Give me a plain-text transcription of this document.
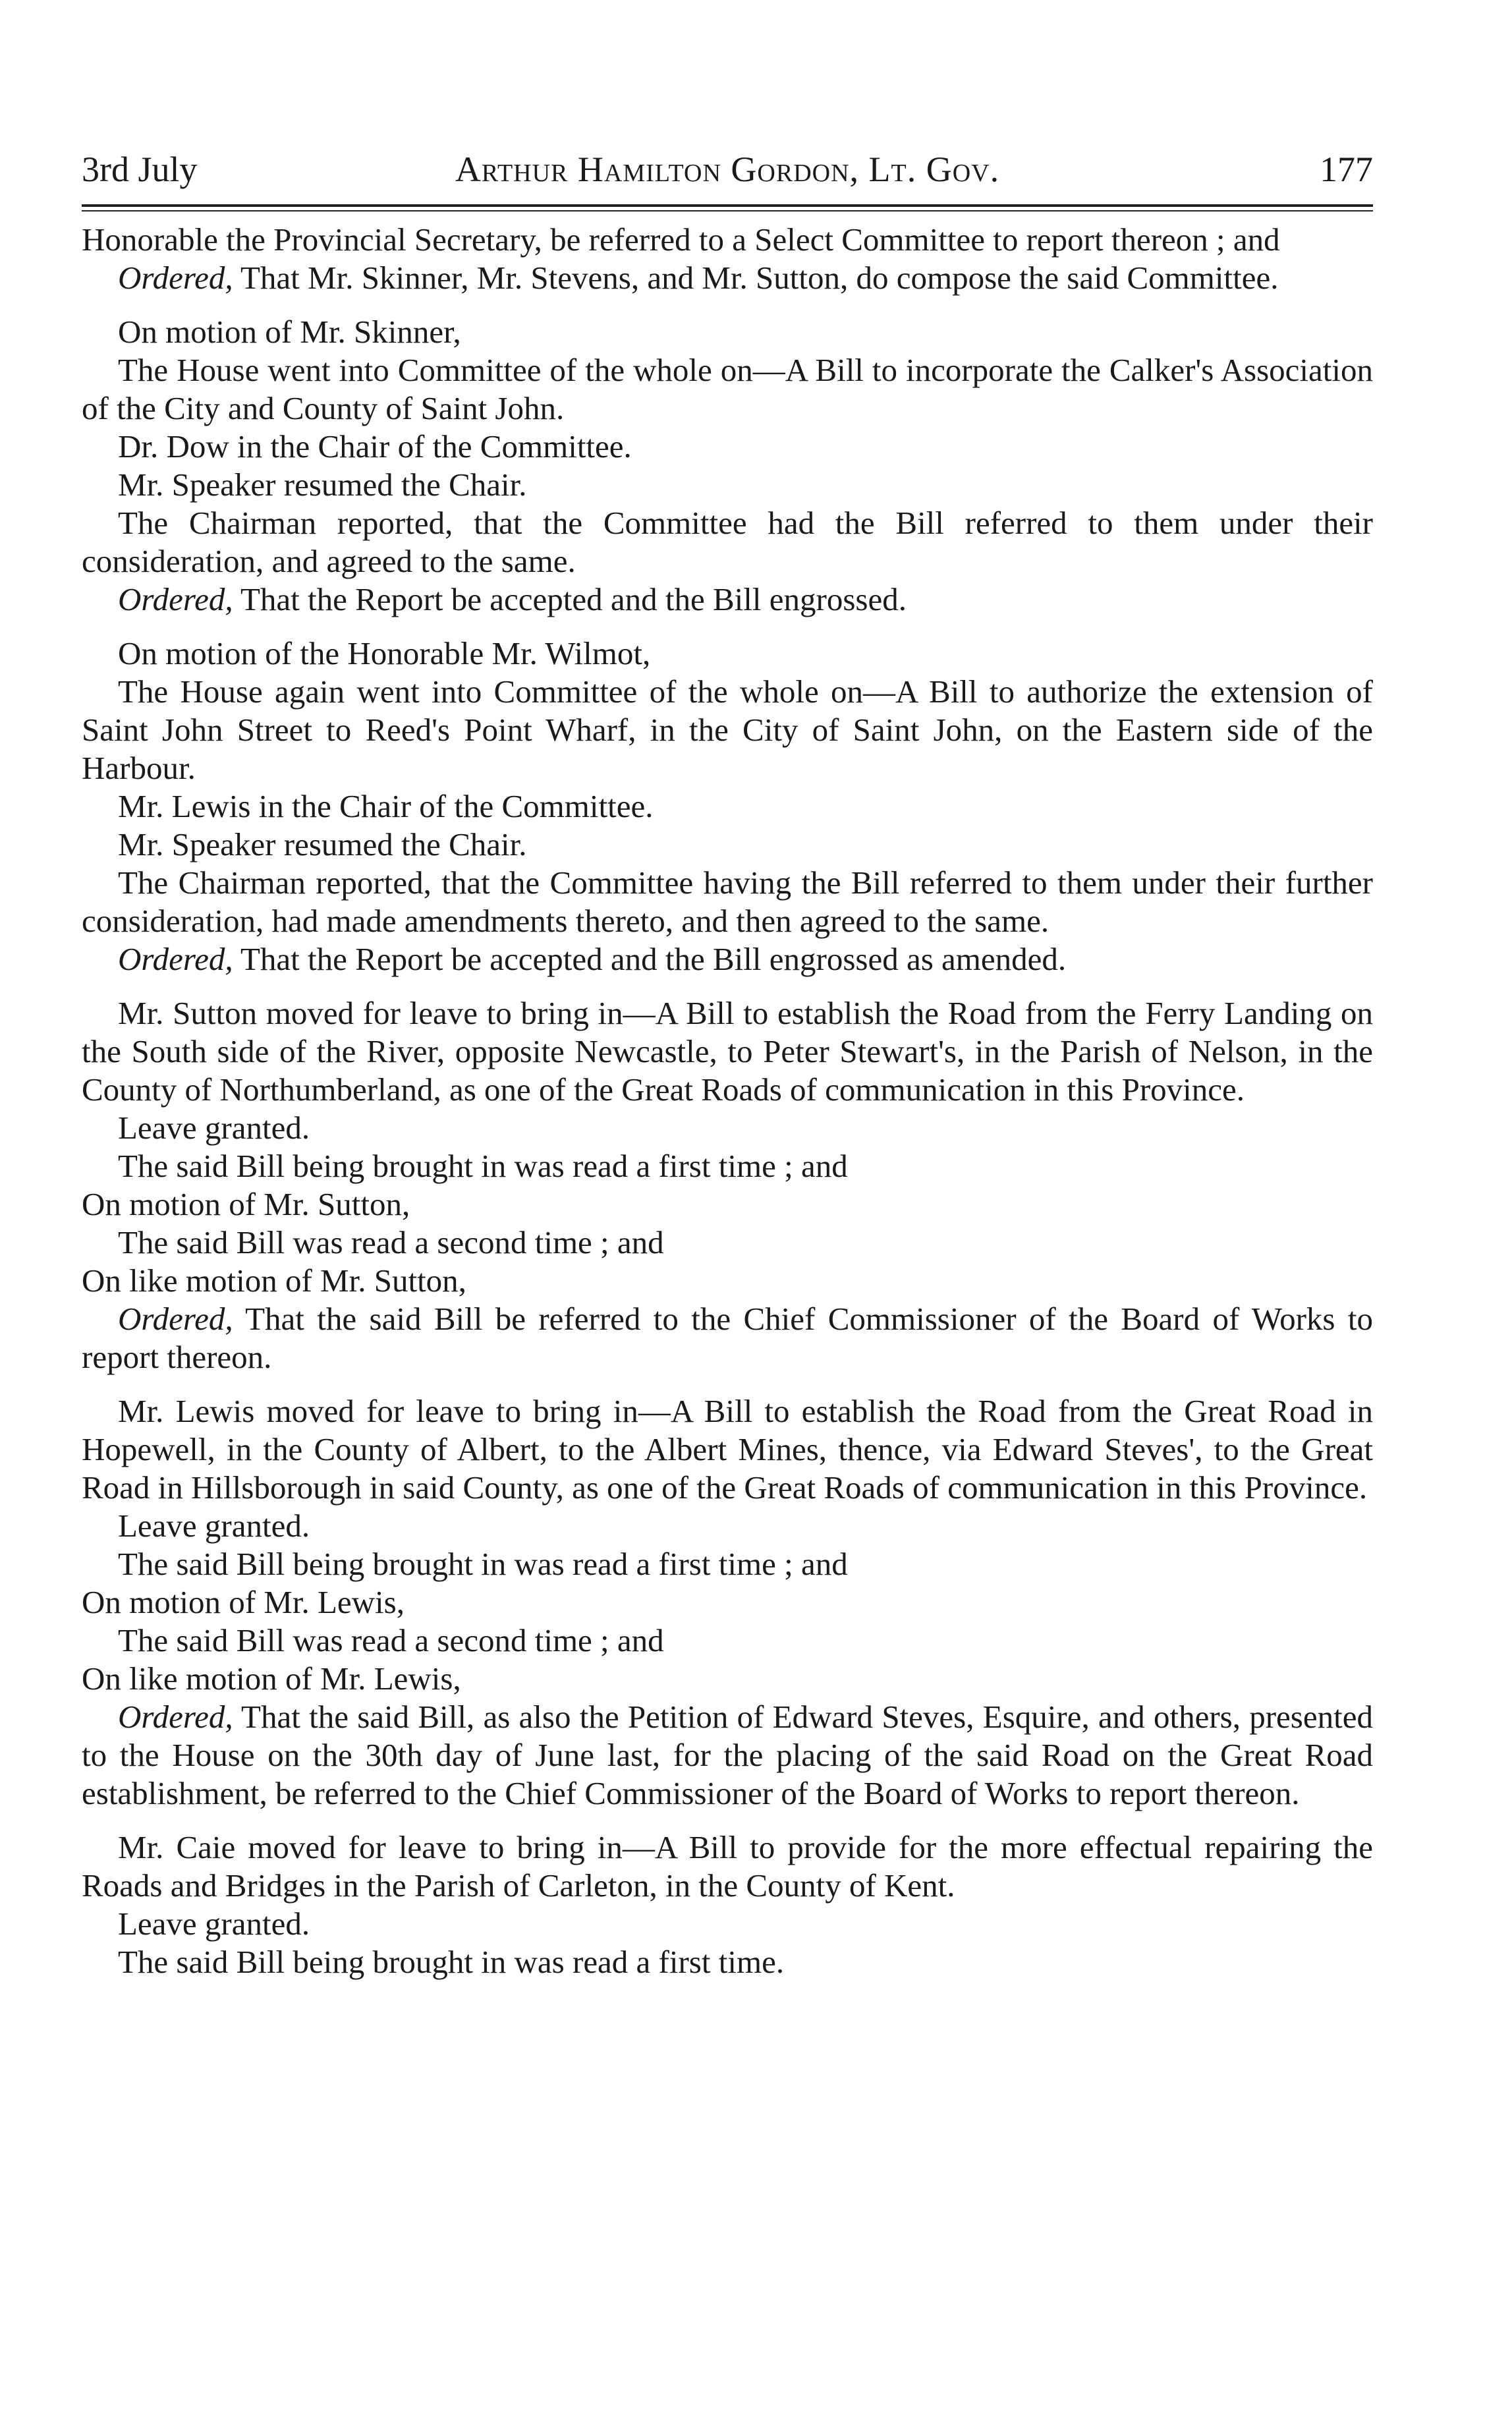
3rd July	Arthur Hamilton Gordon, Lt. Gov.	177

Honorable the Provincial Secretary, be referred to a Select Committee to report thereon ; and

Ordered, That Mr. Skinner, Mr. Stevens, and Mr. Sutton, do compose the said Committee.

On motion of Mr. Skinner,

The House went into Committee of the whole on—A Bill to incorporate the Calker's Association of the City and County of Saint John.

Dr. Dow in the Chair of the Committee.

Mr. Speaker resumed the Chair.

The Chairman reported, that the Committee had the Bill referred to them under their consideration, and agreed to the same.

Ordered, That the Report be accepted and the Bill engrossed.

On motion of the Honorable Mr. Wilmot,

The House again went into Committee of the whole on—A Bill to authorize the extension of Saint John Street to Reed's Point Wharf, in the City of Saint John, on the Eastern side of the Harbour.

Mr. Lewis in the Chair of the Committee.

Mr. Speaker resumed the Chair.

The Chairman reported, that the Committee having the Bill referred to them under their further consideration, had made amendments thereto, and then agreed to the same.

Ordered, That the Report be accepted and the Bill engrossed as amended.

Mr. Sutton moved for leave to bring in—A Bill to establish the Road from the Ferry Landing on the South side of the River, opposite Newcastle, to Peter Stewart's, in the Parish of Nelson, in the County of Northumberland, as one of the Great Roads of communication in this Province.

Leave granted.

The said Bill being brought in was read a first time ; and

On motion of Mr. Sutton,

The said Bill was read a second time ; and

On like motion of Mr. Sutton,

Ordered, That the said Bill be referred to the Chief Commissioner of the Board of Works to report thereon.

Mr. Lewis moved for leave to bring in—A Bill to establish the Road from the Great Road in Hopewell, in the County of Albert, to the Albert Mines, thence, via Edward Steves', to the Great Road in Hillsborough in said County, as one of the Great Roads of communication in this Province.

Leave granted.

The said Bill being brought in was read a first time ; and

On motion of Mr. Lewis,

The said Bill was read a second time ; and

On like motion of Mr. Lewis,

Ordered, That the said Bill, as also the Petition of Edward Steves, Esquire, and others, presented to the House on the 30th day of June last, for the placing of the said Road on the Great Road establishment, be referred to the Chief Commissioner of the Board of Works to report thereon.

Mr. Caie moved for leave to bring in—A Bill to provide for the more effectual repairing the Roads and Bridges in the Parish of Carleton, in the County of Kent.

Leave granted.

The said Bill being brought in was read a first time.
